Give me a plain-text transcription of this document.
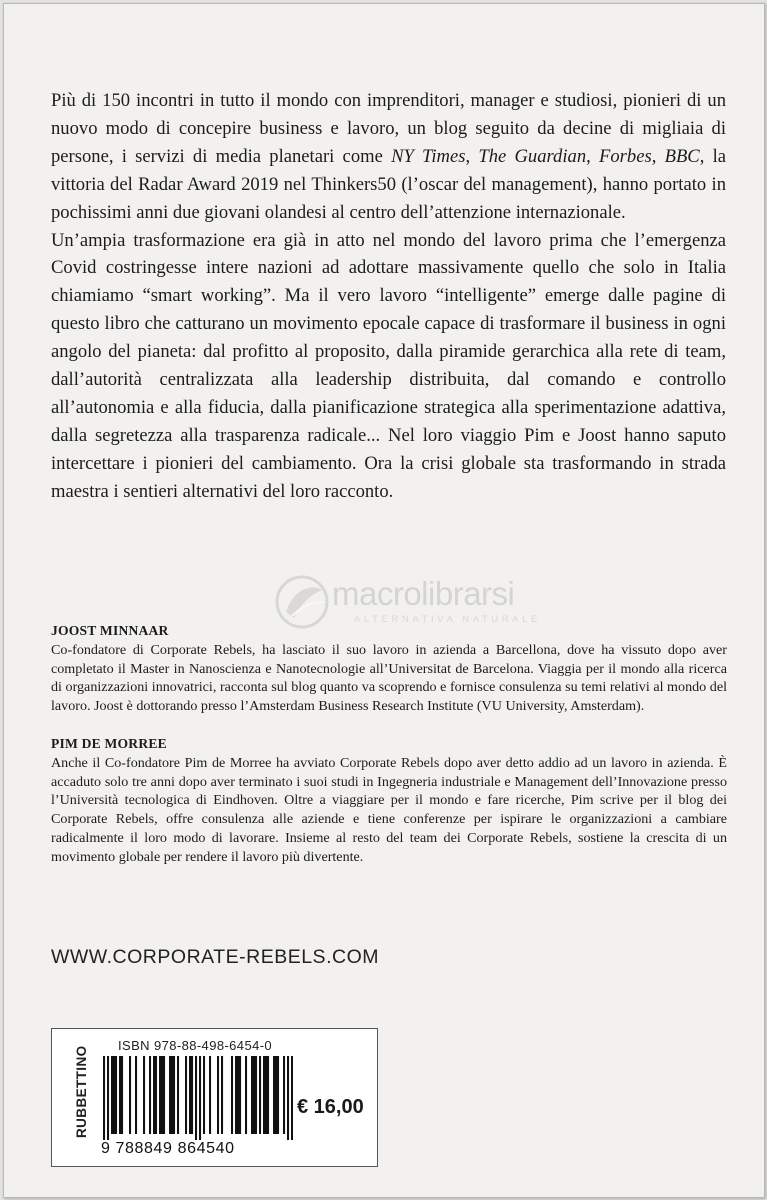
Più di 150 incontri in tutto il mondo con imprenditori, manager e studiosi, pionieri di un nuovo modo di concepire business e lavoro, un blog seguito da decine di migliaia di persone, i servizi di media planetari come NY Times, The Guardian, Forbes, BBC, la vittoria del Radar Award 2019 nel Thinkers50 (l’oscar del management), hanno portato in pochissimi anni due giovani olandesi al centro dell’attenzione internazionale.

Un’ampia trasformazione era già in atto nel mondo del lavoro prima che l’emergenza Covid costringesse intere nazioni ad adottare massivamente quello che solo in Italia chiamiamo “smart working”. Ma il vero lavoro “intelligente” emerge dalle pagine di questo libro che catturano un movimento epocale capace di trasformare il business in ogni angolo del pianeta: dal profitto al proposito, dalla piramide gerarchica alla rete di team, dall’autorità centralizzata alla leadership distribuita, dal comando e controllo all’autonomia e alla fiducia, dalla pianificazione strategica alla sperimentazione adattiva, dalla segretezza alla trasparenza radicale... Nel loro viaggio Pim e Joost hanno saputo intercettare i pionieri del cambiamento. Ora la crisi globale sta trasformando in strada maestra i sentieri alternativi del loro racconto.

macrolibrarsi
ALTERNATIVA NATURALE

JOOST MINNAAR

Co-fondatore di Corporate Rebels, ha lasciato il suo lavoro in azienda a Barcellona, dove ha vissuto dopo aver completato il Master in Nanoscienza e Nanotecnologie all’Universitat de Barcelona. Viaggia per il mondo alla ricerca di organizzazioni innovatrici, racconta sul blog quanto va scoprendo e fornisce consulenza su temi relativi al mondo del lavoro. Joost è dottorando presso l’Amsterdam Business Research Institute (VU University, Amsterdam).

PIM DE MORREE

Anche il Co-fondatore Pim de Morree ha avviato Corporate Rebels dopo aver detto addio ad un lavoro in azienda. È accaduto solo tre anni dopo aver terminato i suoi studi in Ingegneria industriale e Management dell’Innovazione presso l’Università tecnologica di Eindhoven. Oltre a viaggiare per il mondo e fare ricerche, Pim scrive per il blog dei Corporate Rebels, offre consulenza alle aziende e tiene conferenze per ispirare le organizzazioni a cambiare radicalmente il loro modo di lavorare. Insieme al resto del team dei Corporate Rebels, sostiene la crescita di un movimento globale per rendere il lavoro più divertente.

WWW.CORPORATE-REBELS.COM
RUBBETTINO ISBN 978-88-498-6454-0
9 788849 864540
€ 16,00
